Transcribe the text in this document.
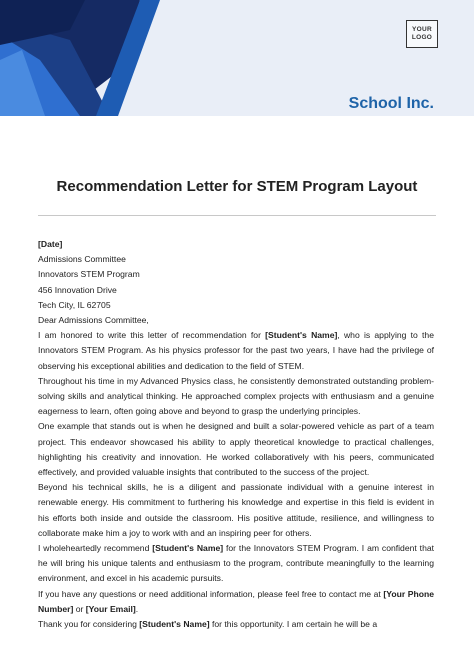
YOUR
LOGO
School Inc.
Recommendation Letter for STEM Program Layout

[Date]

Admissions Committee

Innovators STEM Program

456 Innovation Drive

Tech City, IL 62705

Dear Admissions Committee,

I am honored to write this letter of recommendation for [Student's Name], who is applying to the Innovators STEM Program. As his physics professor for the past two years, I have had the privilege of observing his exceptional abilities and dedication to the field of STEM.

Throughout his time in my Advanced Physics class, he consistently demonstrated outstanding problem-solving skills and analytical thinking. He approached complex projects with enthusiasm and a genuine eagerness to learn, often going above and beyond to grasp the underlying principles.

One example that stands out is when he designed and built a solar-powered vehicle as part of a team project. This endeavor showcased his ability to apply theoretical knowledge to practical challenges, highlighting his creativity and innovation. He worked collaboratively with his peers, communicated effectively, and provided valuable insights that contributed to the success of the project.

Beyond his technical skills, he is a diligent and passionate individual with a genuine interest in renewable energy. His commitment to furthering his knowledge and expertise in this field is evident in his efforts both inside and outside the classroom. His positive attitude, resilience, and willingness to collaborate make him a joy to work with and an inspiring peer for others.

I wholeheartedly recommend [Student's Name] for the Innovators STEM Program. I am confident that he will bring his unique talents and enthusiasm to the program, contribute meaningfully to the learning environment, and excel in his academic pursuits.

If you have any questions or need additional information, please feel free to contact me at [Your Phone Number] or [Your Email].

Thank you for considering [Student's Name] for this opportunity. I am certain he will be a
